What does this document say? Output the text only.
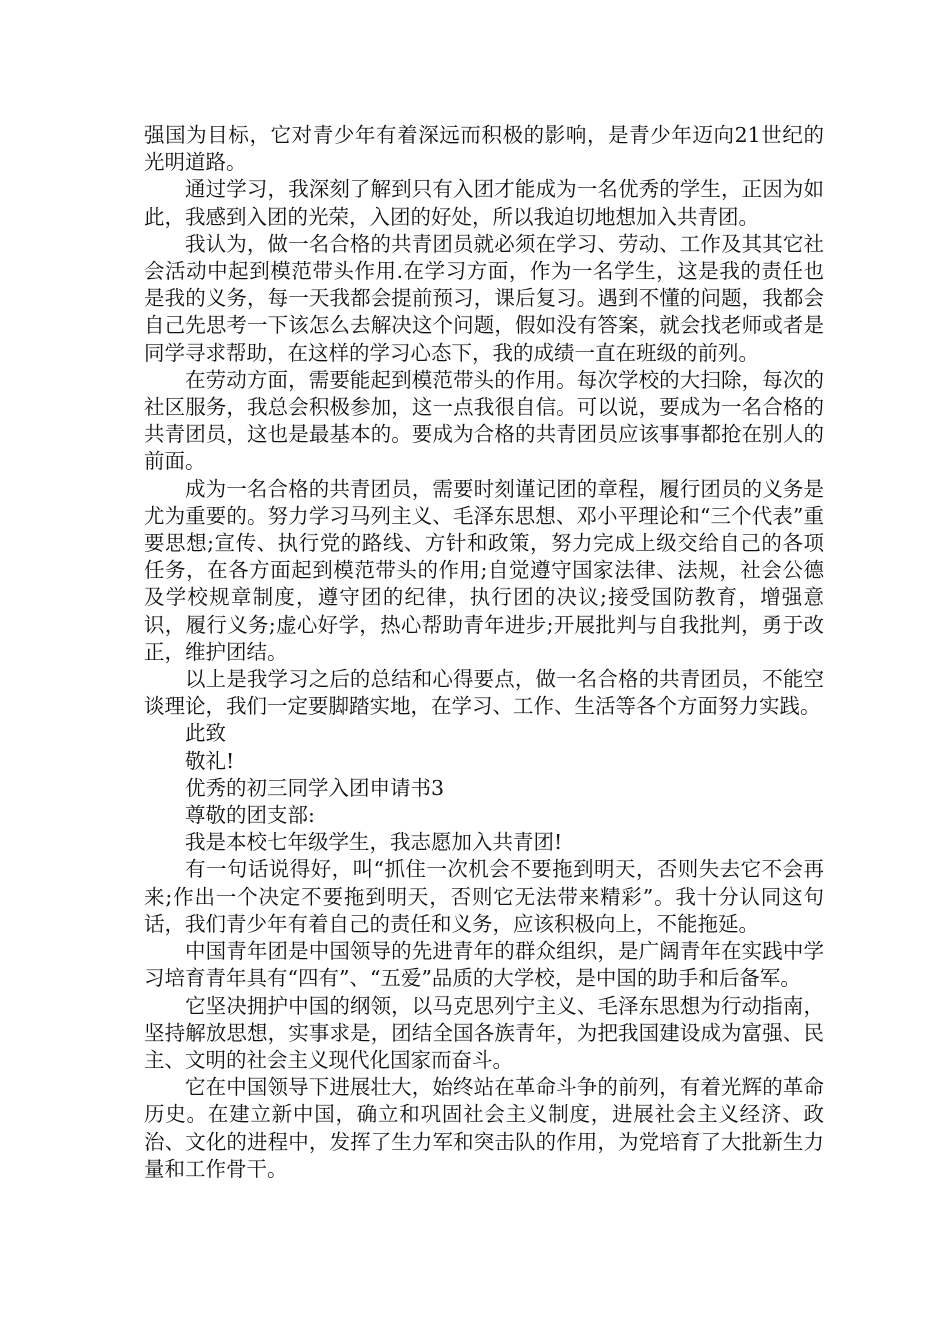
强国为目标，它对青少年有着深远而积极的影响，是青少年迈向21世纪的光明道路。

通过学习，我深刻了解到只有入团才能成为一名优秀的学生，正因为如此，我感到入团的光荣，入团的好处，所以我迫切地想加入共青团。

我认为，做一名合格的共青团员就必须在学习、劳动、工作及其其它社会活动中起到模范带头作用.在学习方面，作为一名学生，这是我的责任也是我的义务，每一天我都会提前预习，课后复习。遇到不懂的问题，我都会自己先思考一下该怎么去解决这个问题，假如没有答案，就会找老师或者是同学寻求帮助，在这样的学习心态下，我的成绩一直在班级的前列。

在劳动方面，需要能起到模范带头的作用。每次学校的大扫除，每次的社区服务，我总会积极参加，这一点我很自信。可以说，要成为一名合格的共青团员，这也是最基本的。要成为合格的共青团员应该事事都抢在别人的前面。

成为一名合格的共青团员，需要时刻谨记团的章程，履行团员的义务是尤为重要的。努力学习马列主义、毛泽东思想、邓小平理论和“三个代表”重要思想;宣传、执行党的路线、方针和政策，努力完成上级交给自己的各项任务，在各方面起到模范带头的作用;自觉遵守国家法律、法规，社会公德及学校规章制度，遵守团的纪律，执行团的决议;接受国防教育，增强意识，履行义务;虚心好学，热心帮助青年进步;开展批判与自我批判，勇于改正，维护团结。

以上是我学习之后的总结和心得要点，做一名合格的共青团员，不能空谈理论，我们一定要脚踏实地，在学习、工作、生活等各个方面努力实践。

此致

敬礼!

优秀的初三同学入团申请书3

尊敬的团支部:

我是本校七年级学生，我志愿加入共青团!

有一句话说得好，叫“抓住一次机会不要拖到明天，否则失去它不会再来;作出一个决定不要拖到明天，否则它无法带来精彩”。我十分认同这句话，我们青少年有着自己的责任和义务，应该积极向上，不能拖延。

中国青年团是中国领导的先进青年的群众组织，是广阔青年在实践中学习培育青年具有“四有”、“五爱”品质的大学校，是中国的助手和后备军。

它坚决拥护中国的纲领，以马克思列宁主义、毛泽东思想为行动指南，坚持解放思想，实事求是，团结全国各族青年，为把我国建设成为富强、民主、文明的社会主义现代化国家而奋斗。

它在中国领导下进展壮大，始终站在革命斗争的前列，有着光辉的革命历史。在建立新中国，确立和巩固社会主义制度，进展社会主义经济、政治、文化的进程中，发挥了生力军和突击队的作用，为党培育了大批新生力量和工作骨干。
